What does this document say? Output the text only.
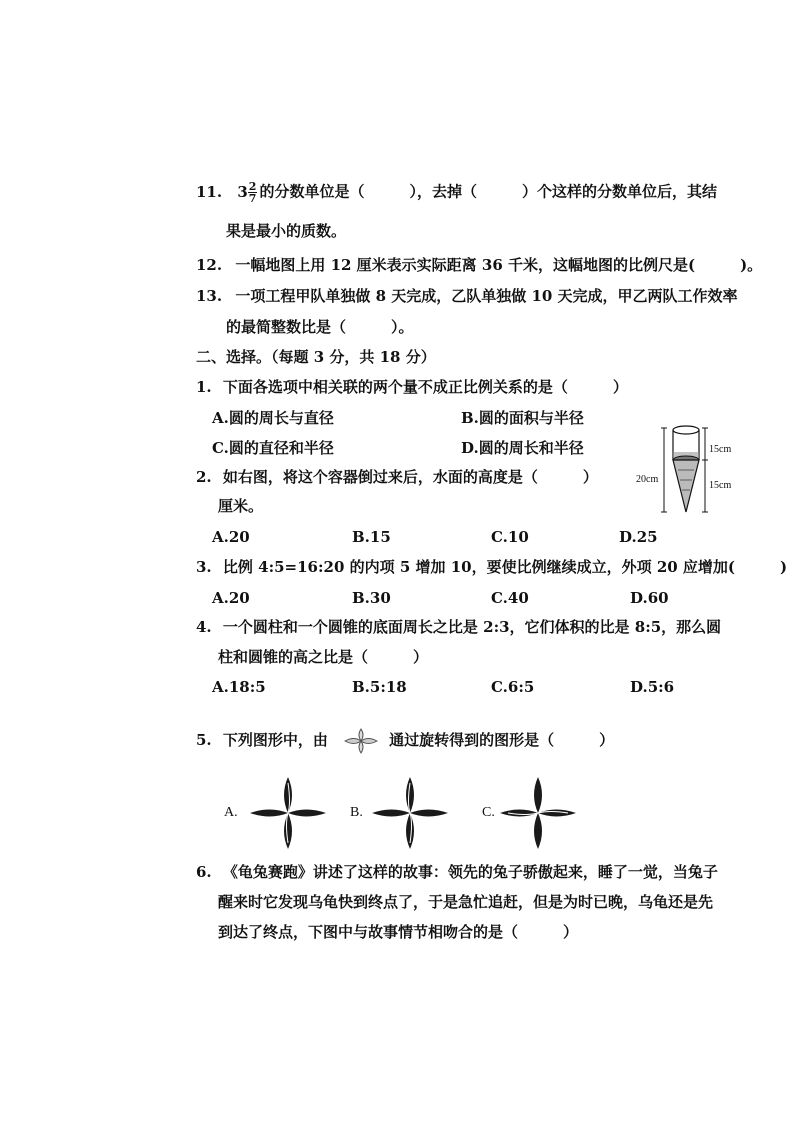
11. $3 \frac{2}{7}$ 的分数单位是（　　　），去掉（　　　）个这样的分数单位后，其结
果是最小的质数。
12. 一幅地图上用 12 厘米表示实际距离 36 千米，这幅地图的比例尺是(　　　)。
13. 一项工程甲队单独做 8 天完成，乙队单独做 10 天完成，甲乙两队工作效率
的最简整数比是（　　　）。
二、选择。（每题 3 分，共 18 分）
1. 下面各选项中相关联的两个量不成正比例关系的是（　　　）
A.圆的周长与直径	B.圆的面积与半径
C.圆的直径和半径	D.圆的周长和半径	15cm
20cm
15cm
2. 如右图，将这个容器倒过来后，水面的高度是（　　　）
厘米。
A.20	B.15	C.10	D.25
3. 比例 4:5=16:20 的内项 5 增加 10，要使比例继续成立，外项 20 应增加(　　　)
A.20	B.30	C.40	D.60
4. 一个圆柱和一个圆锥的底面周长之比是 2:3，它们体积的比是 8:5，那么圆
柱和圆锥的高之比是（　　　）
A.18:5	B.5:18	C.6:5	D.5:6
5. 下列图形中，由	通过旋转得到的图形是（　　　）
A.	B.	C.
6. 《龟兔赛跑》讲述了这样的故事：领先的兔子骄傲起来，睡了一觉，当兔子
醒来时它发现乌龟快到终点了，于是急忙追赶，但是为时已晚，乌龟还是先
到达了终点，下图中与故事情节相吻合的是（　　　）
